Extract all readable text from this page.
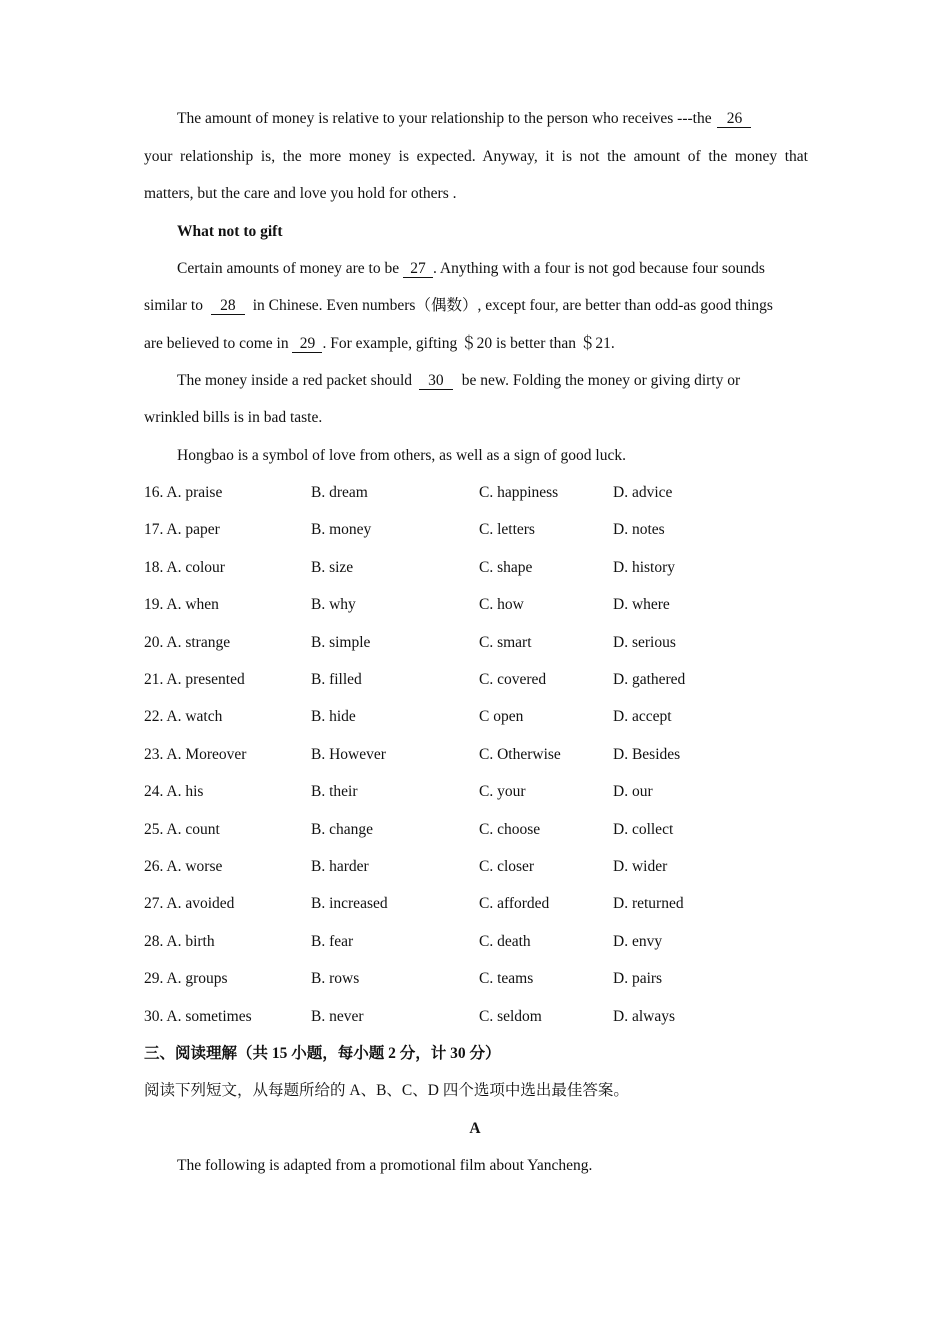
The amount of money is relative to your relationship to the person who receives ---the 26
your relationship is, the more money is expected. Anyway, it is not the amount of the money that
matters, but the care and love you hold for others .
What not to gift
Certain amounts of money are to be 27 . Anything with a four is not god because four sounds
similar to 28 in Chinese. Even numbers（偶数）, except four, are better than odd-as good things
are believed to come in 29 . For example, gifting ＄20 is better than ＄21.
The money inside a red packet should 30 be new. Folding the money or giving dirty or
wrinkled bills is in bad taste.
Hongbao is a symbol of love from others, as well as a sign of good luck.
16. A. praise	B. dream	C. happiness	D. advice
17. A. paper	B. money	C. letters	D. notes
18. A. colour	B. size	C. shape	D. history
19. A. when	B. why	C. how	D. where
20. A. strange	B. simple	C. smart	D. serious
21. A. presented	B. filled	C. covered	D. gathered
22. A. watch	B. hide	C open	D. accept
23. A. Moreover	B. However	C. Otherwise	D. Besides
24. A. his	B. their	C. your	D. our
25. A. count	B. change	C. choose	D. collect
26. A. worse	B. harder	C. closer	D. wider
27. A. avoided	B. increased	C. afforded	D. returned
28. A. birth	B. fear	C. death	D. envy
29. A. groups	B. rows	C. teams	D. pairs
30. A. sometimes	B. never	C. seldom	D. always
三、阅读理解（共 15 小题，每小题 2 分，计 30 分）
阅读下列短文，从每题所给的 A、B、C、D 四个选项中选出最佳答案。
A
The following is adapted from a promotional film about Yancheng.
